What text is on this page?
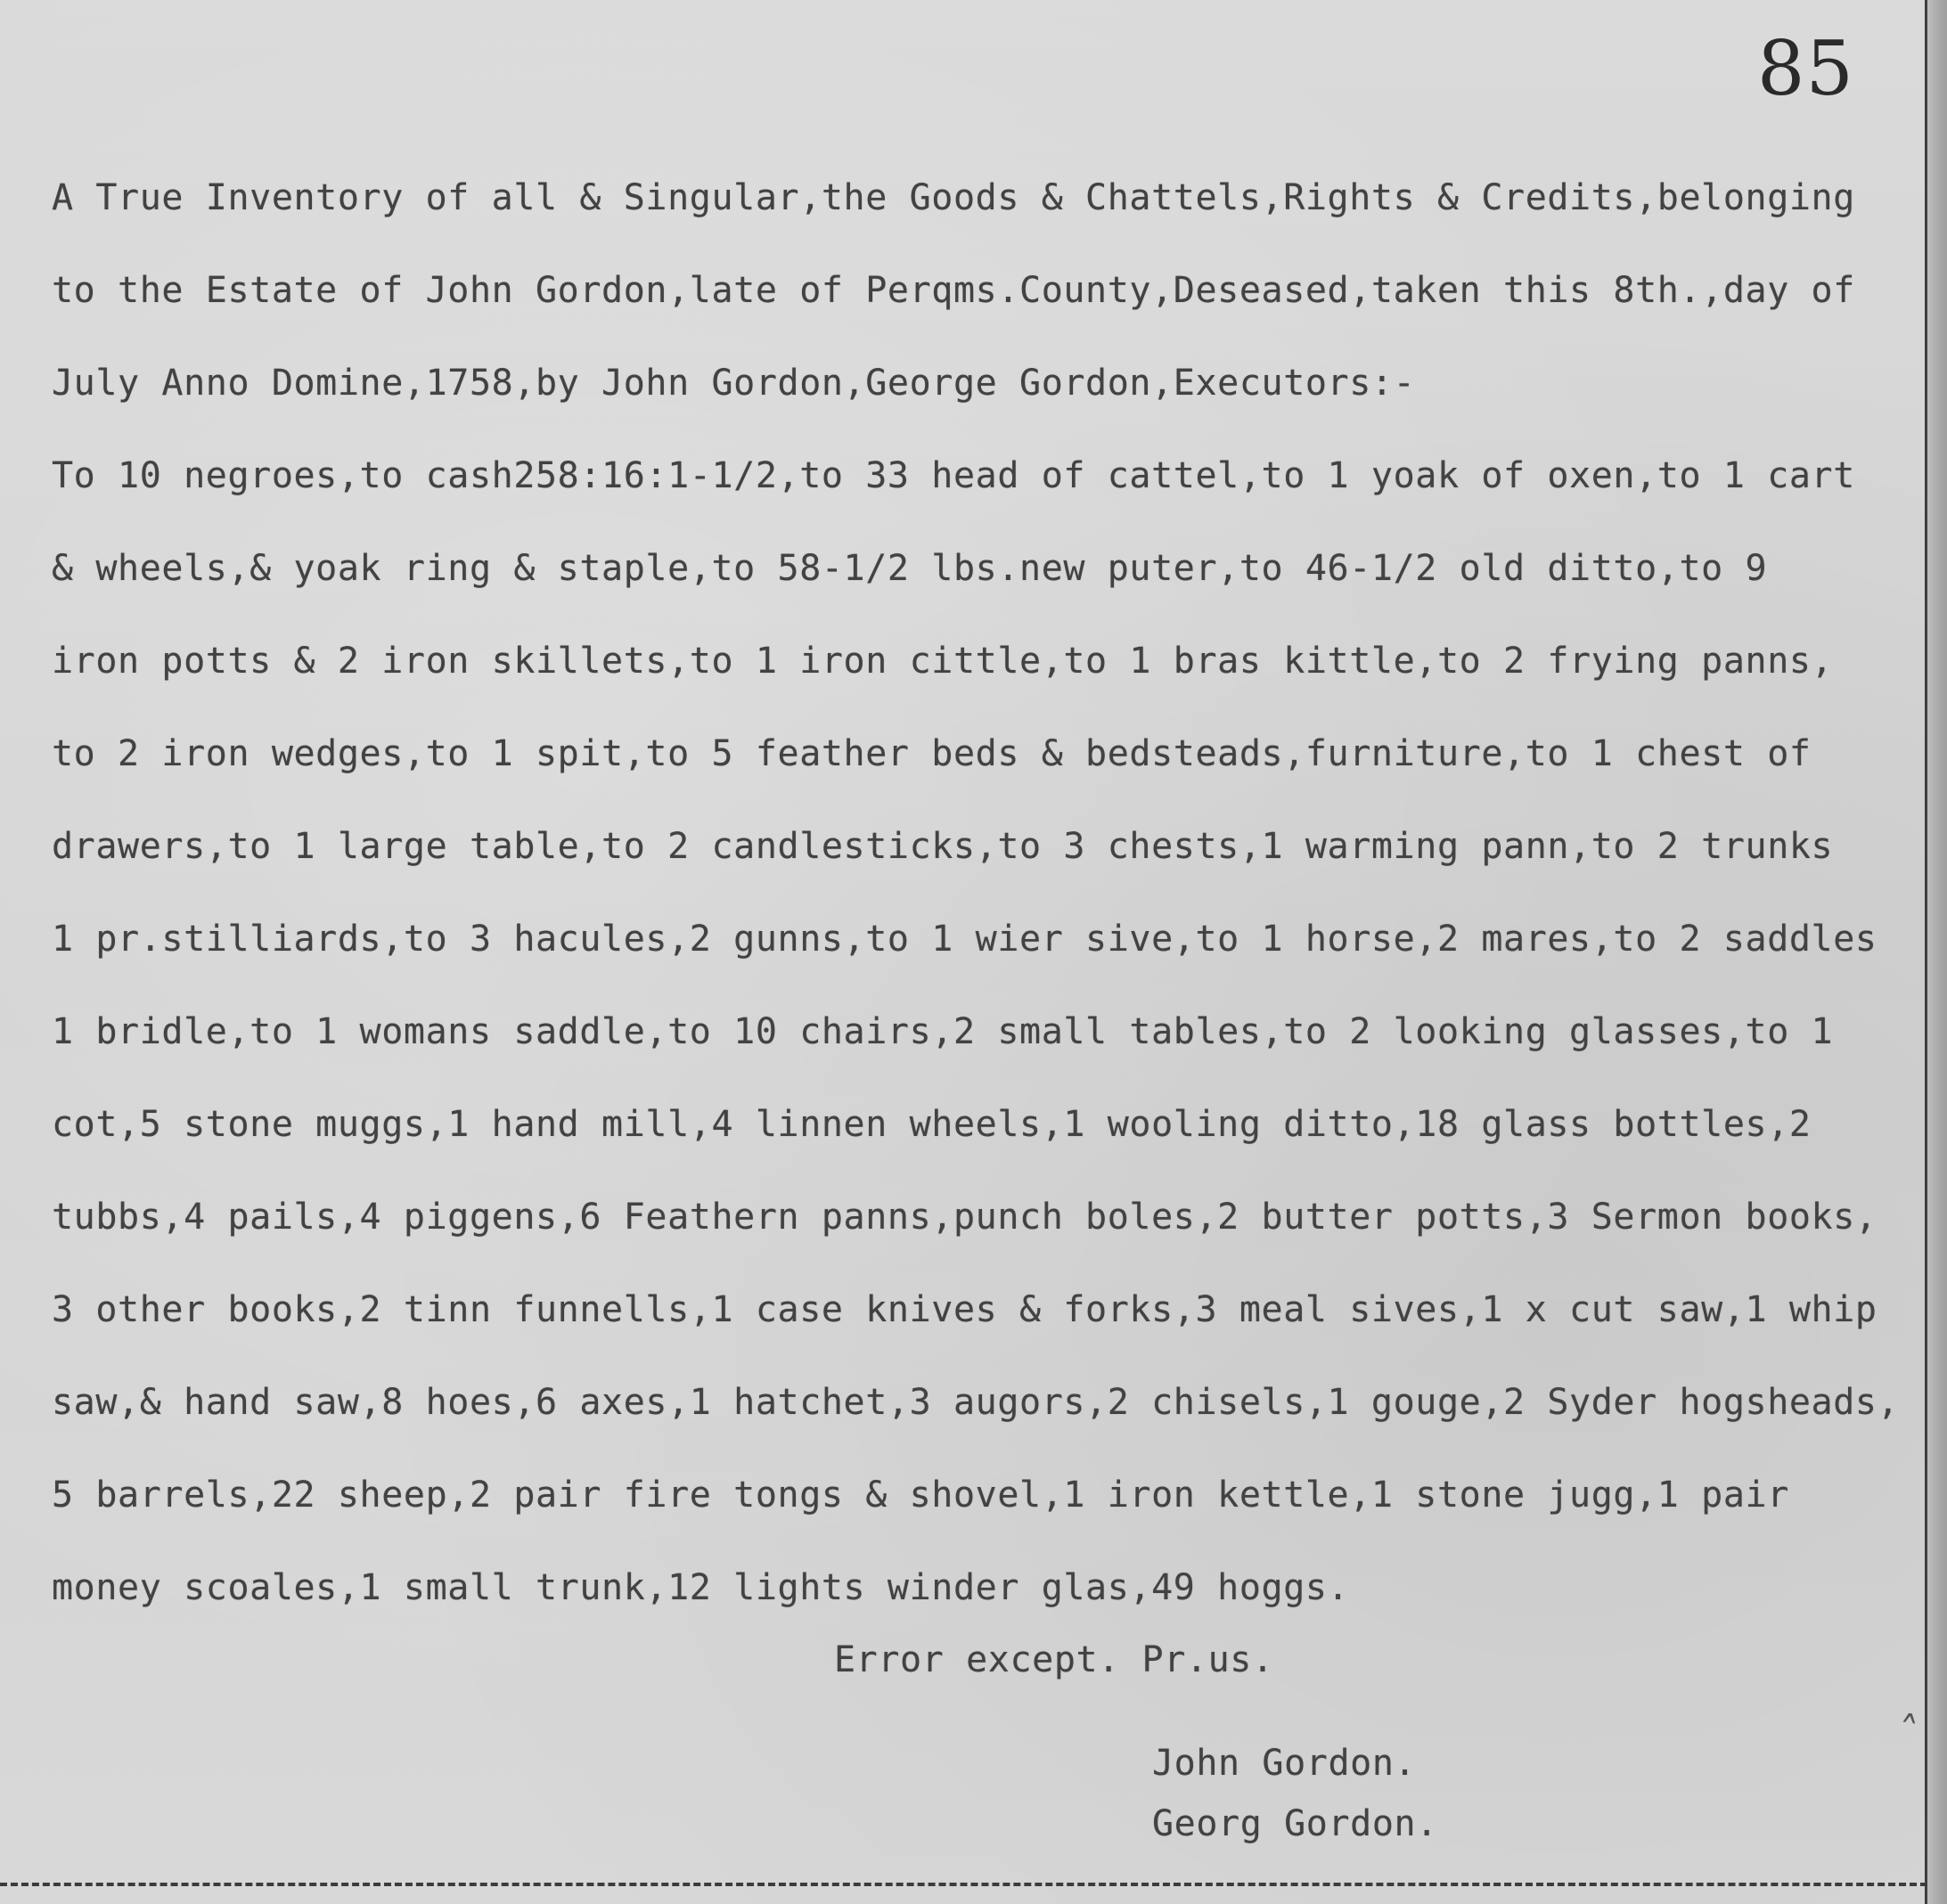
85
A True Inventory of all & Singular,the Goods & Chattels,Rights & Credits,belonging
to the Estate of John Gordon,late of Perqms.County,Deseased,taken this 8th.,day of
July Anno Domine,1758,by John Gordon,George Gordon,Executors:-
To 10 negroes,to cash258:16:1-1/2,to 33 head of cattel,to 1 yoak of oxen,to 1 cart
& wheels,& yoak ring & staple,to 58-1/2 lbs.new puter,to 46-1/2 old ditto,to 9
iron potts & 2 iron skillets,to 1 iron cittle,to 1 bras kittle,to 2 frying panns,
to 2 iron wedges,to 1 spit,to 5 feather beds & bedsteads,furniture,to 1 chest of
drawers,to 1 large table,to 2 candlesticks,to 3 chests,1 warming pann,to 2 trunks
1 pr.stilliards,to 3 hacules,2 gunns,to 1 wier sive,to 1 horse,2 mares,to 2 saddles
1 bridle,to 1 womans saddle,to 10 chairs,2 small tables,to 2 looking glasses,to 1
cot,5 stone muggs,1 hand mill,4 linnen wheels,1 wooling ditto,18 glass bottles,2
tubbs,4 pails,4 piggens,6 Feathern panns,punch boles,2 butter potts,3 Sermon books,
3 other books,2 tinn funnells,1 case knives & forks,3 meal sives,1 x cut saw,1 whip
saw,& hand saw,8 hoes,6 axes,1 hatchet,3 augors,2 chisels,1 gouge,2 Syder hogsheads,
5 barrels,22 sheep,2 pair fire tongs & shovel,1 iron kettle,1 stone jugg,1 pair
money scoales,1 small trunk,12 lights winder glas,49 hoggs.
Error except. Pr.us.
John Gordon.
Georg Gordon.
˄
